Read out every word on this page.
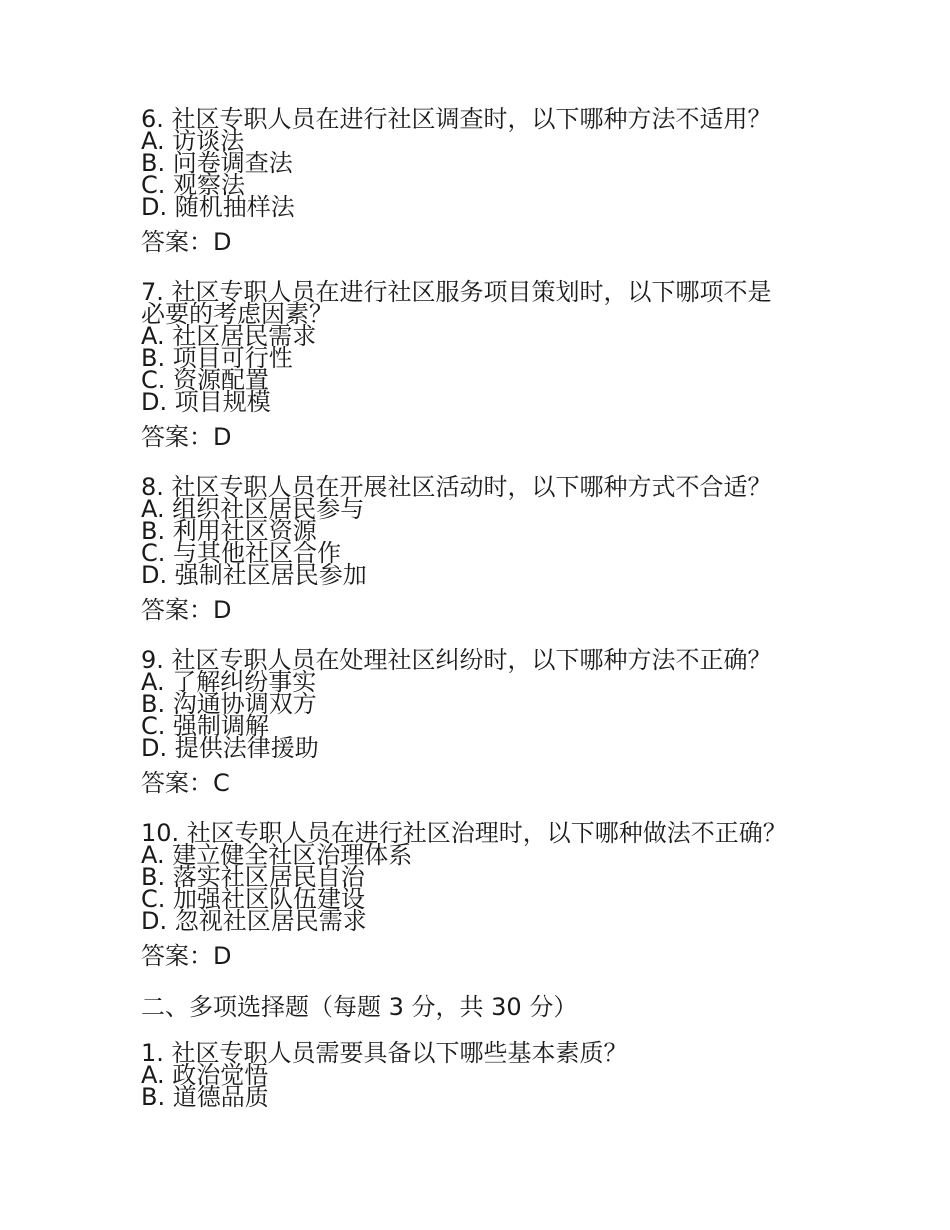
6. 社区专职人员在进行社区调查时，以下哪种方法不适用？
A. 访谈法
B. 问卷调查法
C. 观察法
D. 随机抽样法
答案：D
7. 社区专职人员在进行社区服务项目策划时，以下哪项不是
必要的考虑因素？
A. 社区居民需求
B. 项目可行性
C. 资源配置
D. 项目规模
答案：D
8. 社区专职人员在开展社区活动时，以下哪种方式不合适？
A. 组织社区居民参与
B. 利用社区资源
C. 与其他社区合作
D. 强制社区居民参加
答案：D
9. 社区专职人员在处理社区纠纷时，以下哪种方法不正确？
A. 了解纠纷事实
B. 沟通协调双方
C. 强制调解
D. 提供法律援助
答案：C
10. 社区专职人员在进行社区治理时，以下哪种做法不正确？
A. 建立健全社区治理体系
B. 落实社区居民自治
C. 加强社区队伍建设
D. 忽视社区居民需求
答案：D
二、多项选择题（每题 3 分，共 30 分）
1. 社区专职人员需要具备以下哪些基本素质？
A. 政治觉悟
B. 道德品质
